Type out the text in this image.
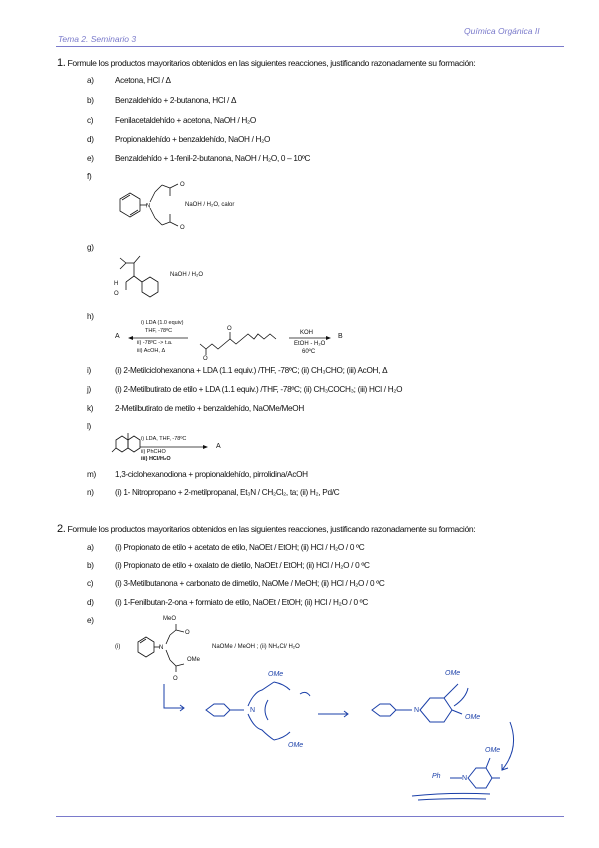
Química Orgánica II
Tema 2. Seminario 3
1. Formule los productos mayoritarios obtenidos en las siguientes reacciones, justificando razonadamente su formación:
a)	Acetona, HCl / Δ
b)	Benzaldehído + 2-butanona, HCl / Δ
c)	Fenilacetaldehído + acetona, NaOH / H₂O
d)	Propionaldehído + benzaldehído, NaOH / H₂O
e)	Benzaldehído + 1-fenil-2-butanona, NaOH / H₂O, 0 – 10ºC
f)
N
O
O
NaOH / H₂O, calor
g)
H
O
NaOH / H₂O
h)
A
i) LDA (1.0 equiv)
THF, -78ºC
ii) -78ºC -> t.a.
iii) AcOH, Δ
O
O
KOH
EtOH - H₂O
60ºC
B
i)	(i) 2-Metilciclohexanona + LDA (1.1 equiv.) /THF, -78ºC; (ii) CH₃CHO; (iii) AcOH, Δ
j)	(i) 2-Metilbutirato de etilo + LDA (1.1 equiv.) /THF, -78ºC; (ii) CH₃COCH₃; (iii) HCl / H₂O
k)	2-Metilbutirato de metilo + benzaldehído, NaOMe/MeOH
l)
i) LDA, THF, -78ºC
ii) PhCHO
iii) HCl/H₂O
A
m) 1,3-ciclohexanodiona + propionaldehído, pirrolidina/AcOH
n)	(i) 1- Nitropropano + 2-metilpropanal, Et₃N / CH₂Cl₂, ta; (ii) H₂, Pd/C
2. Formule los productos mayoritarios obtenidos en las siguientes reacciones, justificando razonadamente su formación:
a)	(i) Propionato de etilo + acetato de etilo, NaOEt / EtOH; (ii) HCl / H₂O / 0 ºC
b)	(i) Propionato de etilo + oxalato de dietilo, NaOEt / EtOH; (ii) HCl / H₂O / 0 ºC
c)	(i) 3-Metilbutanona + carbonato de dimetilo, NaOMe / MeOH; (ii) HCl / H₂O / 0 ºC
d)	(i) 1-Fenilbutan-2-ona + formiato de etilo, NaOEt / EtOH; (ii) HCl / H₂O / 0 ºC
e)
(i)
MeO
N
O
O
OMe
NaOMe / MeOH ; (ii) NH₄Cl/ H₂O
N	N
N
OMe
OMe
OMe
OMe
OMe
Ph
